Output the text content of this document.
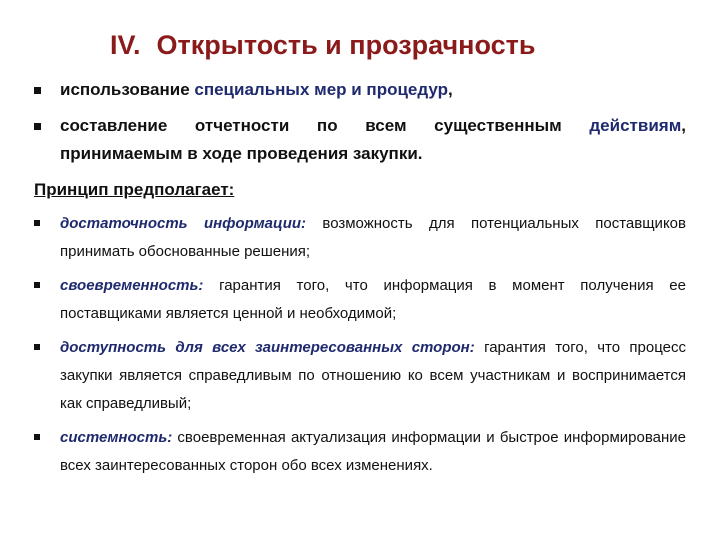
IV. Открытость и прозрачность
использование специальных мер и процедур,
составление отчетности по всем существенным действиям, принимаемым в ходе проведения закупки.
Принцип предполагает:
достаточность информации: возможность для потенциальных поставщиков принимать обоснованные решения;
своевременность: гарантия того, что информация в момент получения ее поставщиками является ценной и необходимой;
доступность для всех заинтересованных сторон: гарантия того, что процесс закупки является справедливым по отношению ко всем участникам и воспринимается как справедливый;
системность: своевременная актуализация информации и быстрое информирование всех заинтересованных сторон обо всех изменениях.
